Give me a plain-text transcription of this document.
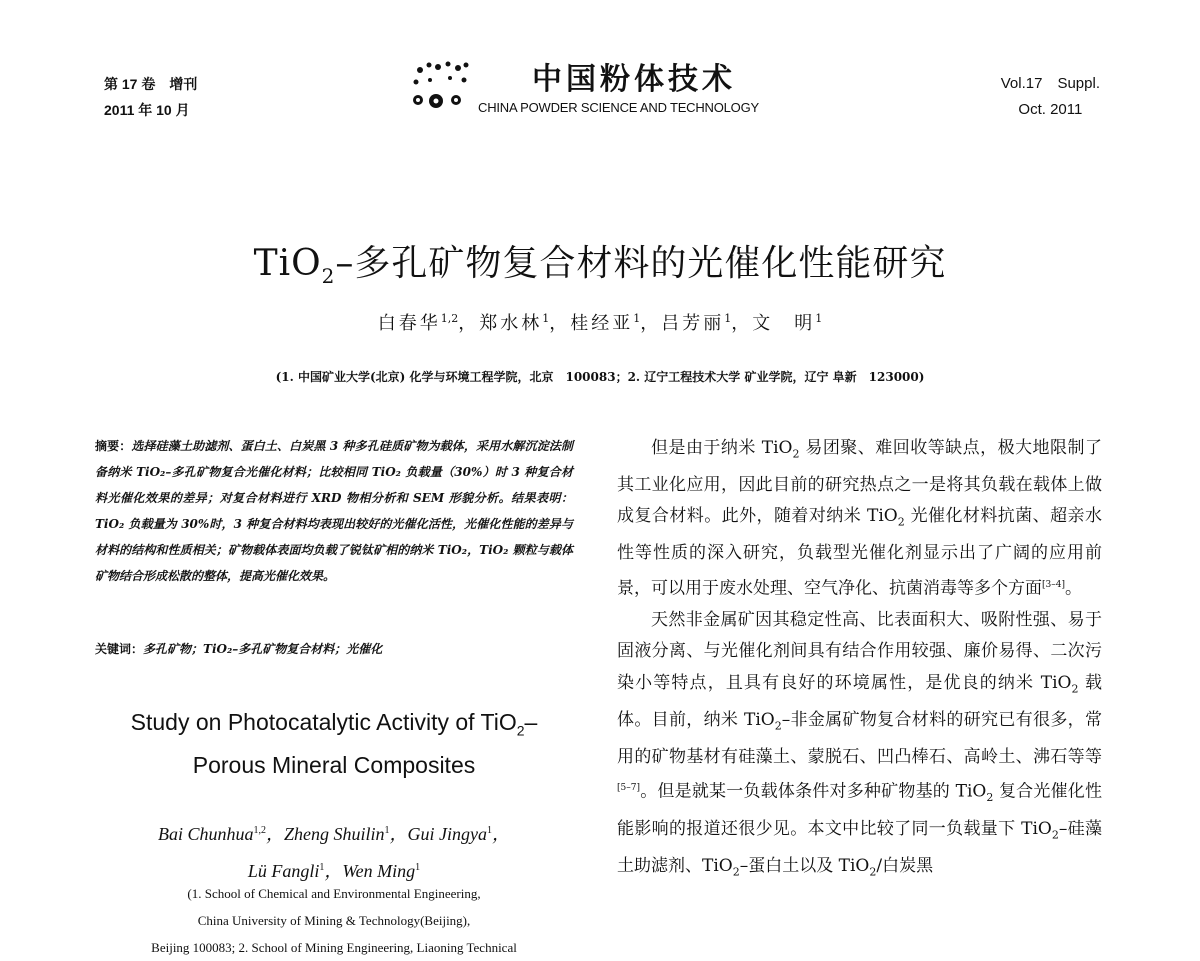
第 17 卷　增刊
2011 年 10 月
中国粉体技术
CHINA POWDER SCIENCE AND TECHNOLOGY
Vol.17　Suppl.
Oct. 2011
TiO$_2$–多孔矿物复合材料的光催化性能研究
白春华$^{1,2}$，郑水林$^1$，桂经亚$^1$，吕芳丽$^1$，文　明$^1$
(1. 中国矿业大学(北京) 化学与环境工程学院，北京　100083；2. 辽宁工程技术大学 矿业学院，辽宁 阜新　123000)
摘要：选择硅藻土助滤剂、蛋白土、白炭黑 3 种多孔硅质矿物为载体，采用水解沉淀法制备纳米 TiO₂–多孔矿物复合光催化材料；比较相同 TiO₂ 负载量（30%）时 3 种复合材料光催化效果的差异；对复合材料进行 XRD 物相分析和 SEM 形貌分析。结果表明：TiO₂ 负载量为 30%时，3 种复合材料均表现出较好的光催化活性，光催化性能的差异与材料的结构和性质相关；矿物载体表面均负载了锐钛矿相的纳米 TiO₂，TiO₂ 颗粒与载体矿物结合形成松散的整体，提高光催化效果。
关键词：多孔矿物；TiO₂–多孔矿物复合材料；光催化
Study on Photocatalytic Activity of TiO$_2$–
Porous Mineral Composites
Bai Chunhua$^{1,2}$，Zheng Shuilin$^1$，Gui Jingya$^1$，
Lü Fangli$^1$，Wen Ming$^1$
(1. School of Chemical and Environmental Engineering,
China University of Mining & Technology(Beijing),
Beijing 100083; 2. School of Mining Engineering, Liaoning Technical

但是由于纳米 TiO$_2$ 易团聚、难回收等缺点，极大地限制了其工业化应用，因此目前的研究热点之一是将其负载在载体上做成复合材料。此外，随着对纳米 TiO$_2$ 光催化材料抗菌、超亲水性等性质的深入研究，负载型光催化剂显示出了广阔的应用前景，可以用于废水处理、空气净化、抗菌消毒等多个方面[3–4]。

天然非金属矿因其稳定性高、比表面积大、吸附性强、易于固液分离、与光催化剂间具有结合作用较强、廉价易得、二次污染小等特点，且具有良好的环境属性，是优良的纳米 TiO$_2$ 载体。目前，纳米 TiO$_2$–非金属矿物复合材料的研究已有很多，常用的矿物基材有硅藻土、蒙脱石、凹凸棒石、高岭土、沸石等等[5–7]。但是就某一负载体条件对多种矿物基的 TiO$_2$ 复合光催化性能影响的报道还很少见。本文中比较了同一负载量下 TiO$_2$–硅藻土助滤剂、TiO$_2$–蛋白土以及 TiO$_2$/白炭黑
